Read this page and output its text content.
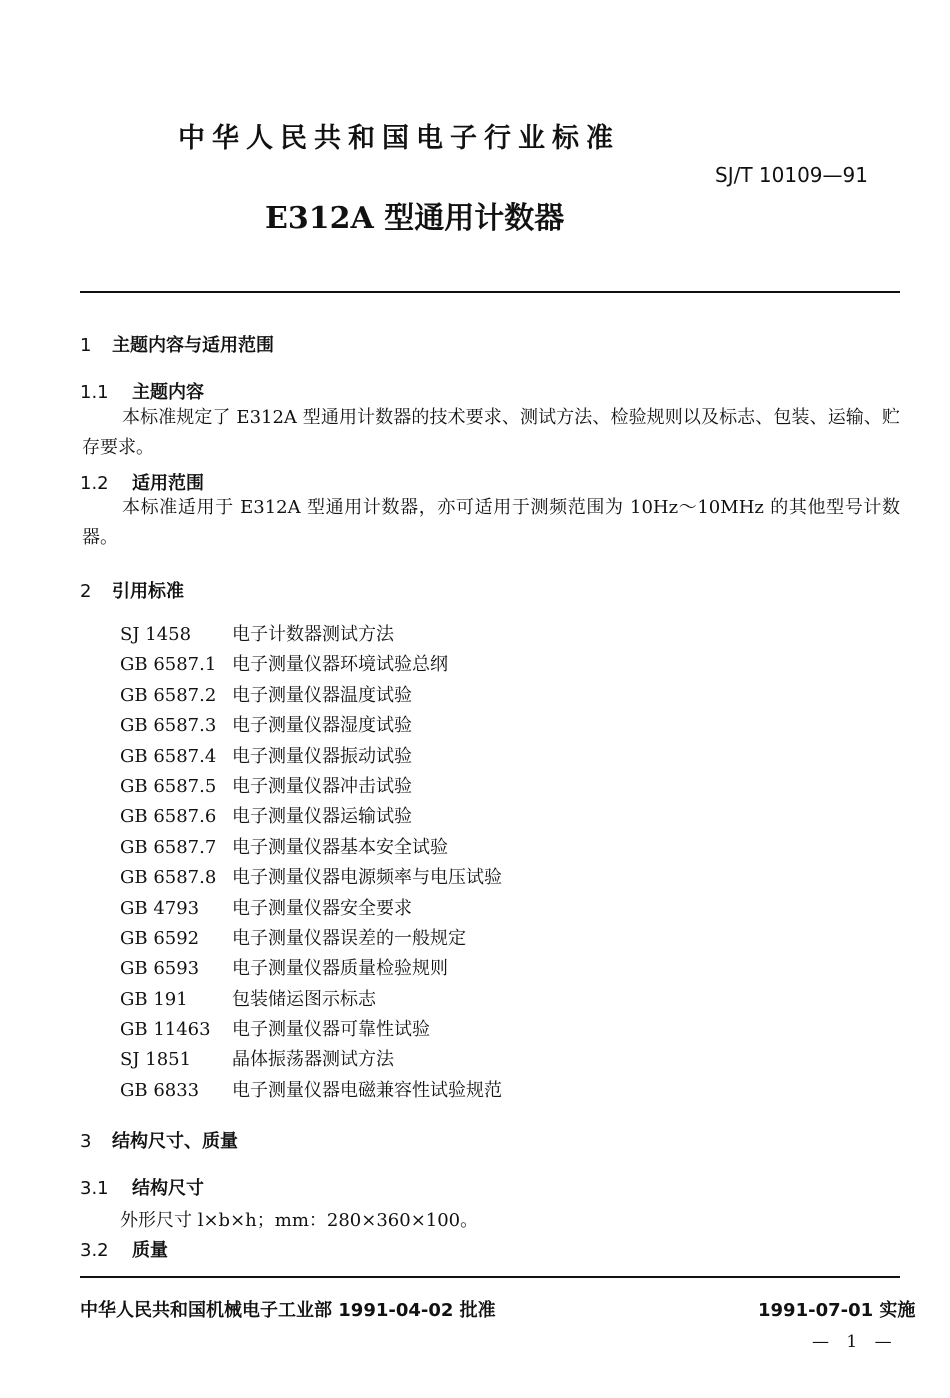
中华人民共和国电子行业标准
SJ/T 10109—91
E312A 型通用计数器
1 主题内容与适用范围
1.1 主题内容
本标准规定了 E312A 型通用计数器的技术要求、测试方法、检验规则以及标志、包装、运输、贮存要求。
1.2 适用范围
本标准适用于 E312A 型通用计数器，亦可适用于测频范围为 10Hz～10MHz 的其他型号计数器。
2 引用标准
SJ 1458	电子计数器测试方法
GB 6587.1 电子测量仪器环境试验总纲
GB 6587.2 电子测量仪器温度试验
GB 6587.3 电子测量仪器湿度试验
GB 6587.4 电子测量仪器振动试验
GB 6587.5 电子测量仪器冲击试验
GB 6587.6 电子测量仪器运输试验
GB 6587.7 电子测量仪器基本安全试验
GB 6587.8 电子测量仪器电源频率与电压试验
GB 4793	电子测量仪器安全要求
GB 6592	电子测量仪器误差的一般规定
GB 6593	电子测量仪器质量检验规则
GB 191	包装储运图示标志
GB 11463	电子测量仪器可靠性试验
SJ 1851	晶体振荡器测试方法
GB 6833	电子测量仪器电磁兼容性试验规范
3 结构尺寸、质量
3.1 结构尺寸
外形尺寸 l×b×h；mm：280×360×100。
3.2 质量
中华人民共和国机械电子工业部 1991-04-02 批准	1991-07-01 实施
— 1 —
